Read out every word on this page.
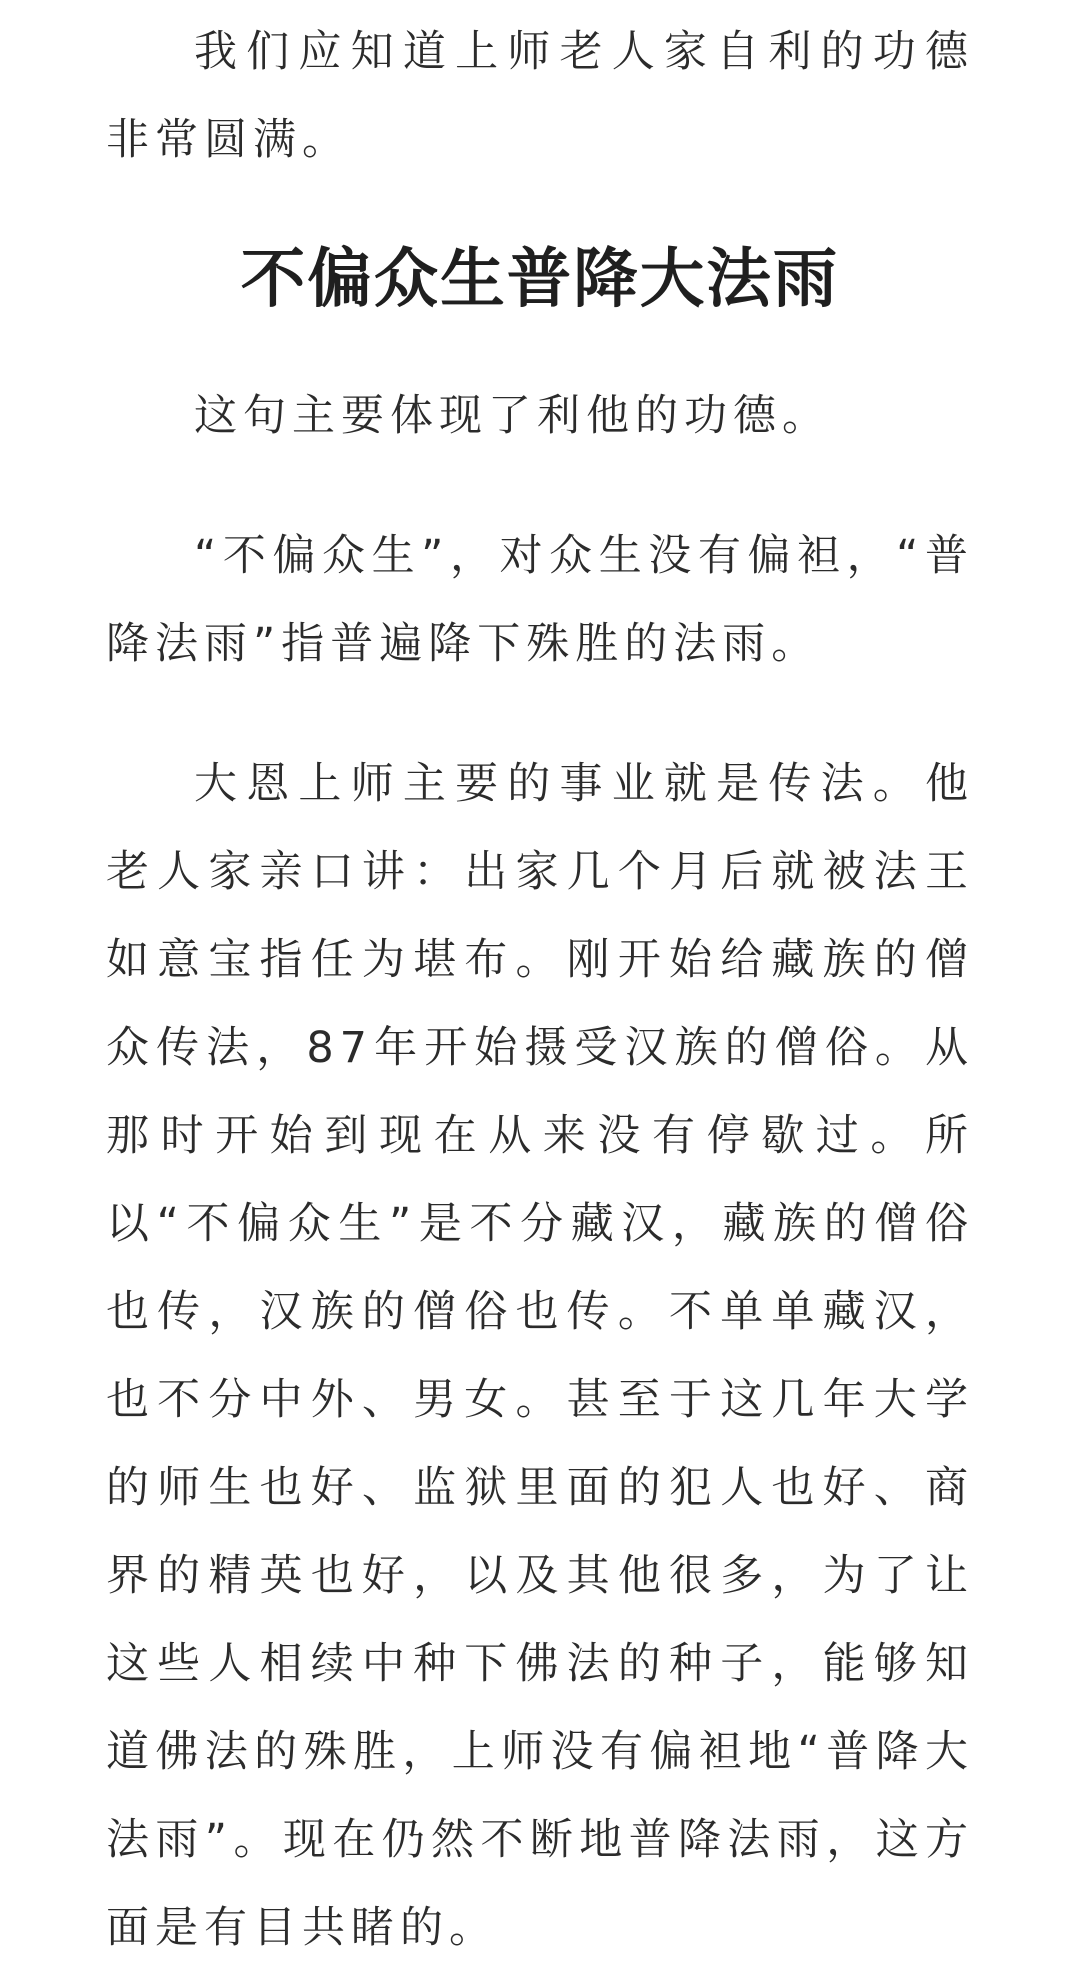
我们应知道上师老人家自利的功德非常圆满。

不偏众生普降大法雨

这句主要体现了利他的功德。

“不偏众生”，对众生没有偏袒，“普降法雨”指普遍降下殊胜的法雨。

大恩上师主要的事业就是传法。他老人家亲口讲：出家几个月后就被法王如意宝指任为堪布。刚开始给藏族的僧众传法，87年开始摄受汉族的僧俗。从那时开始到现在从来没有停歇过。所以“不偏众生”是不分藏汉，藏族的僧俗也传，汉族的僧俗也传。不单单藏汉，也不分中外、男女。甚至于这几年大学的师生也好、监狱里面的犯人也好、商界的精英也好，以及其他很多，为了让这些人相续中种下佛法的种子，能够知道佛法的殊胜，上师没有偏袒地“普降大法雨”。现在仍然不断地普降法雨，这方面是有目共睹的。
